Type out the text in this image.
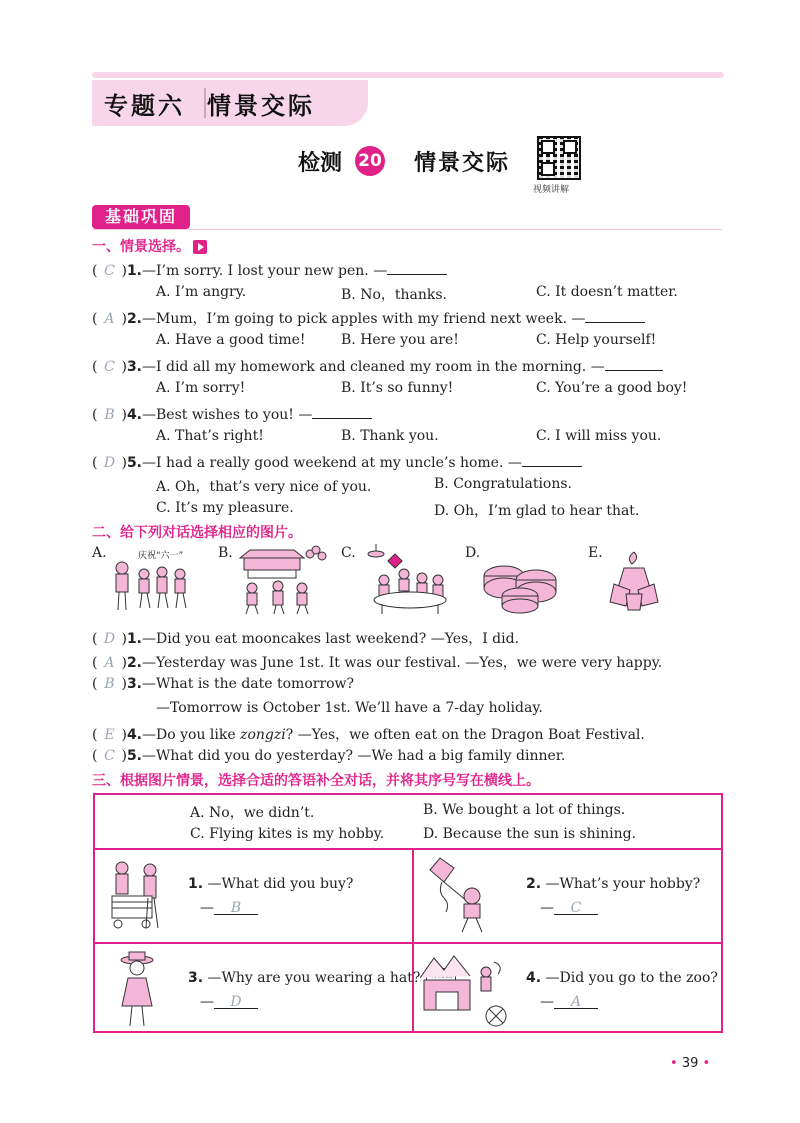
专题六 情景交际
检测 20 情景交际
视频讲解
基础巩固
一、情景选择。
( C )1.—I’m sorry. I lost your new pen. —
A. I’m angry.	B. No，thanks.	C. It doesn’t matter.
( A )2.—Mum，I’m going to pick apples with my friend next week. —
A. Have a good time!	B. Here you are!	C. Help yourself!
( C )3.—I did all my homework and cleaned my room in the morning. —
A. I’m sorry!	B. It’s so funny!	C. You’re a good boy!
( B )4.—Best wishes to you! —
A. That’s right!	B. Thank you.	C. I will miss you.
( D )5.—I had a really good weekend at my uncle’s home. —
A. Oh，that’s very nice of you.	B. Congratulations.
C. It’s my pleasure.	D. Oh，I’m glad to hear that.
二、给下列对话选择相应的图片。
A.	B.	C.	D.	E.
庆祝“六一”
( D )1.—Did you eat mooncakes last weekend? —Yes，I did.
( A )2.—Yesterday was June 1st. It was our festival. —Yes，we were very happy.
( B )3.—What is the date tomorrow?
—Tomorrow is October 1st. We’ll have a 7-day holiday.
( E )4.—Do you like zongzi? —Yes，we often eat on the Dragon Boat Festival.
( C )5.—What did you do yesterday? —We had a big family dinner.
三、根据图片情景，选择合适的答语补全对话，并将其序号写在横线上。
A. No，we didn’t.	B. We bought a lot of things.
C. Flying kites is my hobby.	D. Because the sun is shining.
1. —What did you buy?
— B
2. —What’s your hobby?
— C
3. —Why are you wearing a hat?
— D
4. —Did you go to the zoo?
— A
• 39 •
